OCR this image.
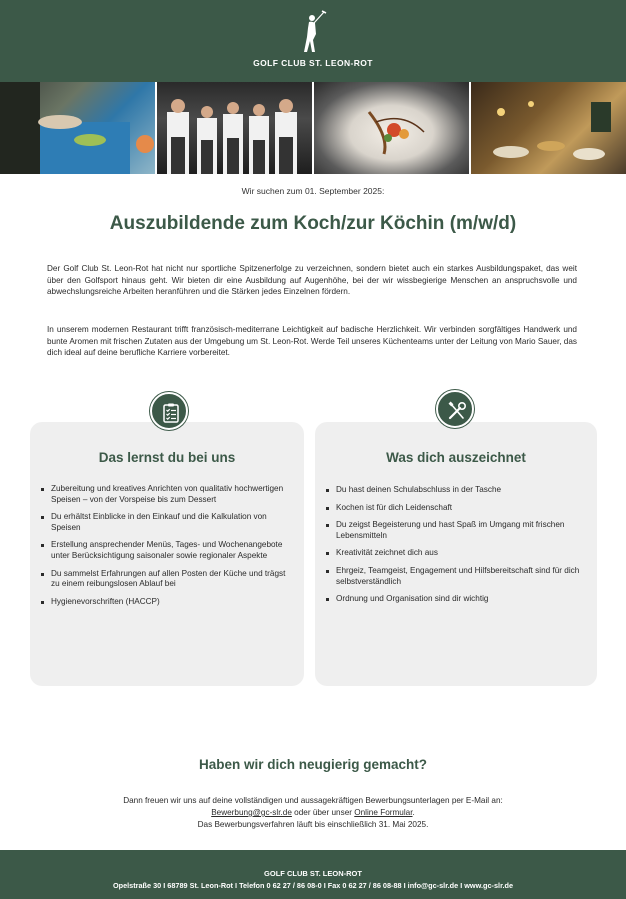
GOLF CLUB ST. LEON-ROT
Wir suchen zum 01. September 2025:
Auszubildende zum Koch/zur Köchin (m/w/d)
Der Golf Club St. Leon-Rot hat nicht nur sportliche Spitzenerfolge zu verzeichnen, sondern bietet auch ein starkes Ausbildungspaket, das weit über den Golfsport hinaus geht. Wir bieten dir eine Ausbildung auf Augenhöhe, bei der wir wissbegierige Menschen an anspruchsvolle und abwechslungsreiche Arbeiten heranführen und die Stärken jedes Einzelnen fördern.
In unserem modernen Restaurant trifft französisch-mediterrane Leichtigkeit auf badische Herzlichkeit. Wir verbinden sorgfältiges Handwerk und bunte Aromen mit frischen Zutaten aus der Umgebung um St. Leon-Rot. Werde Teil unseres Küchenteams unter der Leitung von Mario Sauer, das dich ideal auf deine berufliche Karriere vorbereitet.
Das lernst du bei uns
Zubereitung und kreatives Anrichten von qualitativ hochwertigen Speisen – von der Vorspeise bis zum Dessert
Du erhältst Einblicke in den Einkauf und die Kalkulation von Speisen
Erstellung ansprechender Menüs, Tages- und Wochenangebote unter Berücksichtigung saisonaler sowie regionaler Aspekte
Du sammelst Erfahrungen auf allen Posten der Küche und trägst zu einem reibungslosen Ablauf bei
Hygienevorschriften (HACCP)
Was dich auszeichnet
Du hast deinen Schulabschluss in der Tasche
Kochen ist für dich Leidenschaft
Du zeigst Begeisterung und hast Spaß im Umgang mit frischen Lebensmitteln
Kreativität zeichnet dich aus
Ehrgeiz, Teamgeist, Engagement und Hilfsbereitschaft sind für dich selbstverständlich
Ordnung und Organisation sind dir wichtig
Haben wir dich neugierig gemacht?
Dann freuen wir uns auf deine vollständigen und aussagekräftigen Bewerbungsunterlagen per E-Mail an:
Bewerbung@gc-slr.de oder über unser Online Formular.
Das Bewerbungsverfahren läuft bis einschließlich 31. Mai 2025.
GOLF CLUB ST. LEON-ROT
Opelstraße 30 I 68789 St. Leon-Rot I Telefon 0 62 27 / 86 08-0 I Fax 0 62 27 / 86 08-88 I info@gc-slr.de I www.gc-slr.de
